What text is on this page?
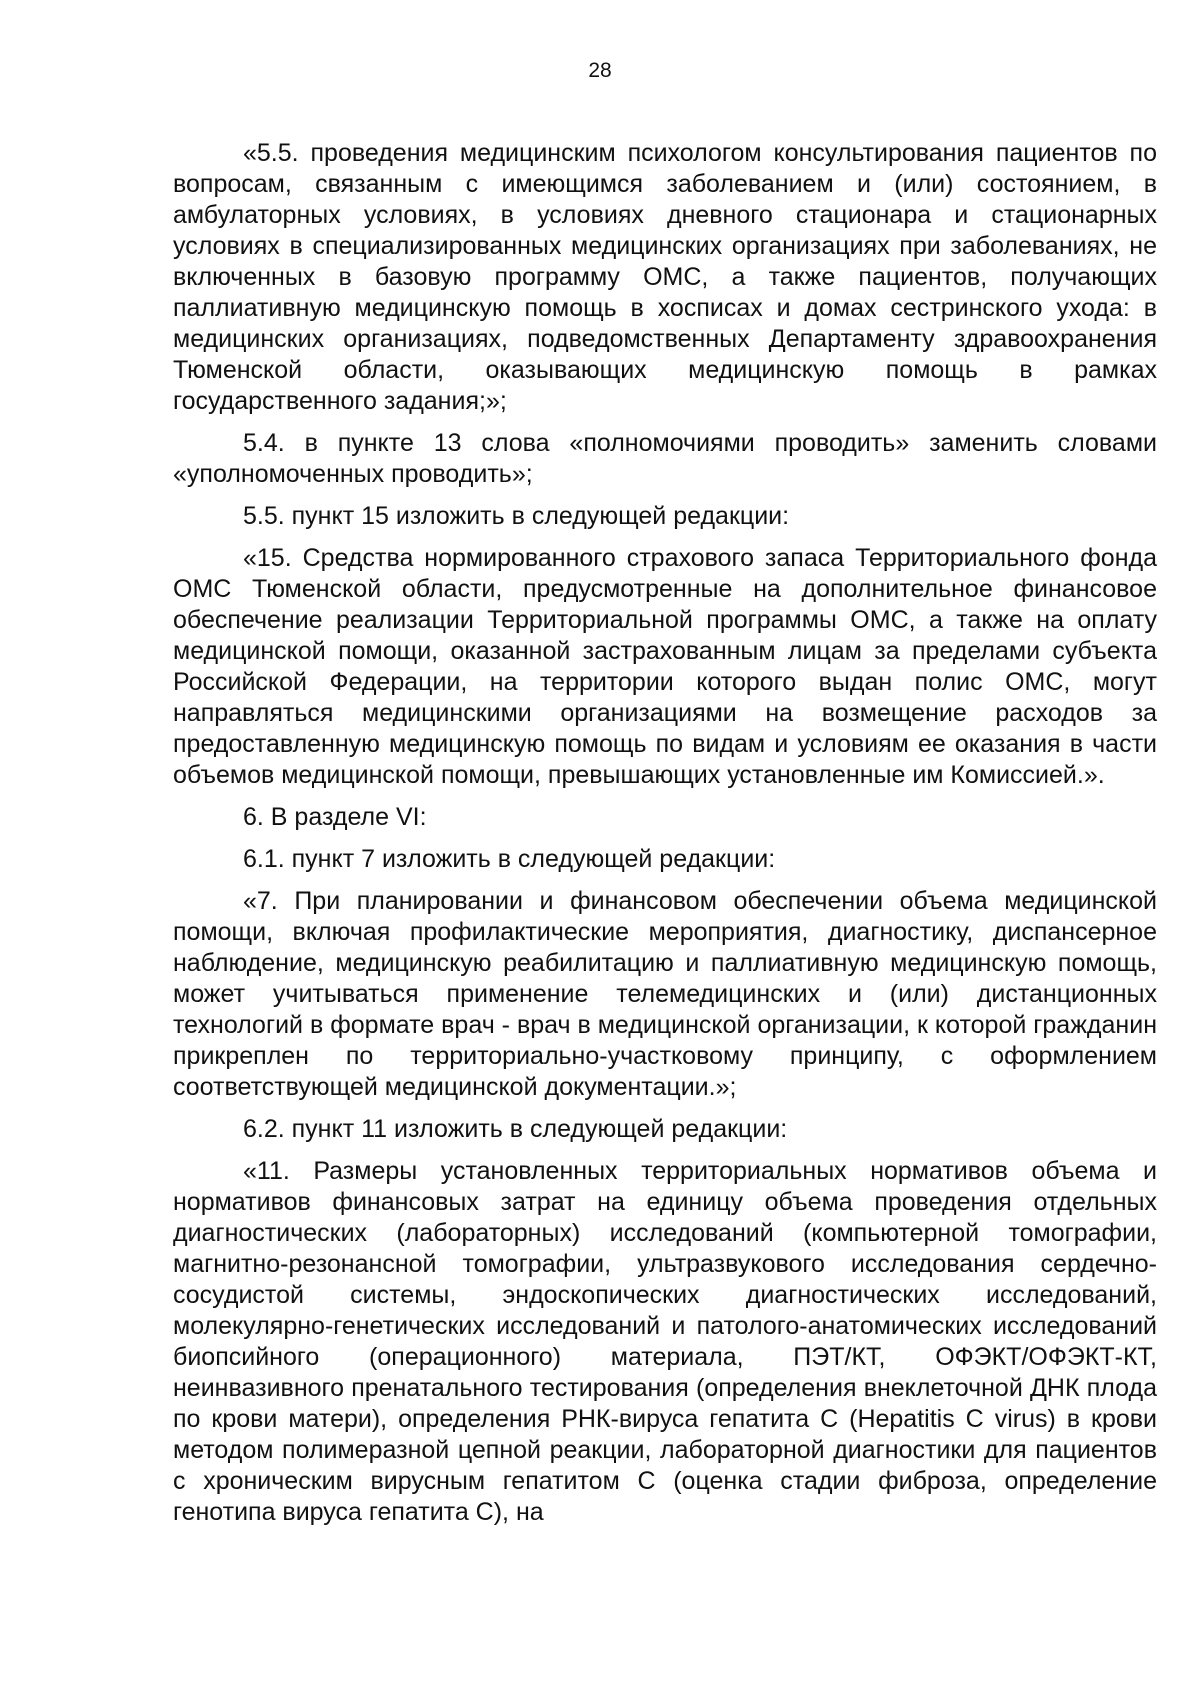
28

«5.5. проведения медицинским психологом консультирования пациентов по вопросам, связанным с имеющимся заболеванием и (или) состоянием, в амбулаторных условиях, в условиях дневного стационара и стационарных условиях в специализированных медицинских организациях при заболеваниях, не включенных в базовую программу ОМС, а также пациентов, получающих паллиативную медицинскую помощь в хосписах и домах сестринского ухода: в медицинских организациях, подведомственных Департаменту здравоохранения Тюменской области, оказывающих медицинскую помощь в рамках государственного задания;»;

5.4. в пункте 13 слова «полномочиями проводить» заменить словами «уполномоченных проводить»;

5.5. пункт 15 изложить в следующей редакции:

«15. Средства нормированного страхового запаса Территориального фонда ОМС Тюменской области, предусмотренные на дополнительное финансовое обеспечение реализации Территориальной программы ОМС, а также на оплату медицинской помощи, оказанной застрахованным лицам за пределами субъекта Российской Федерации, на территории которого выдан полис ОМС, могут направляться медицинскими организациями на возмещение расходов за предоставленную медицинскую помощь по видам и условиям ее оказания в части объемов медицинской помощи, превышающих установленные им Комиссией.».

6. В разделе VI:

6.1. пункт 7 изложить в следующей редакции:

«7. При планировании и финансовом обеспечении объема медицинской помощи, включая профилактические мероприятия, диагностику, диспансерное наблюдение, медицинскую реабилитацию и паллиативную медицинскую помощь, может учитываться применение телемедицинских и (или) дистанционных технологий в формате врач - врач в медицинской организации, к которой гражданин прикреплен по территориально-участковому принципу, с оформлением соответствующей медицинской документации.»;

6.2. пункт 11 изложить в следующей редакции:

«11. Размеры установленных территориальных нормативов объема и нормативов финансовых затрат на единицу объема проведения отдельных диагностических (лабораторных) исследований (компьютерной томографии, магнитно-резонансной томографии, ультразвукового исследования сердечно-сосудистой системы, эндоскопических диагностических исследований, молекулярно-генетических исследований и патолого-анатомических исследований биопсийного (операционного) материала, ПЭТ/КТ, ОФЭКТ/ОФЭКТ-КТ, неинвазивного пренатального тестирования (определения внеклеточной ДНК плода по крови матери), определения РНК-вируса гепатита С (Hepatitis C virus) в крови методом полимеразной цепной реакции, лабораторной диагностики для пациентов с хроническим вирусным гепатитом С (оценка стадии фиброза, определение генотипа вируса гепатита С), на
